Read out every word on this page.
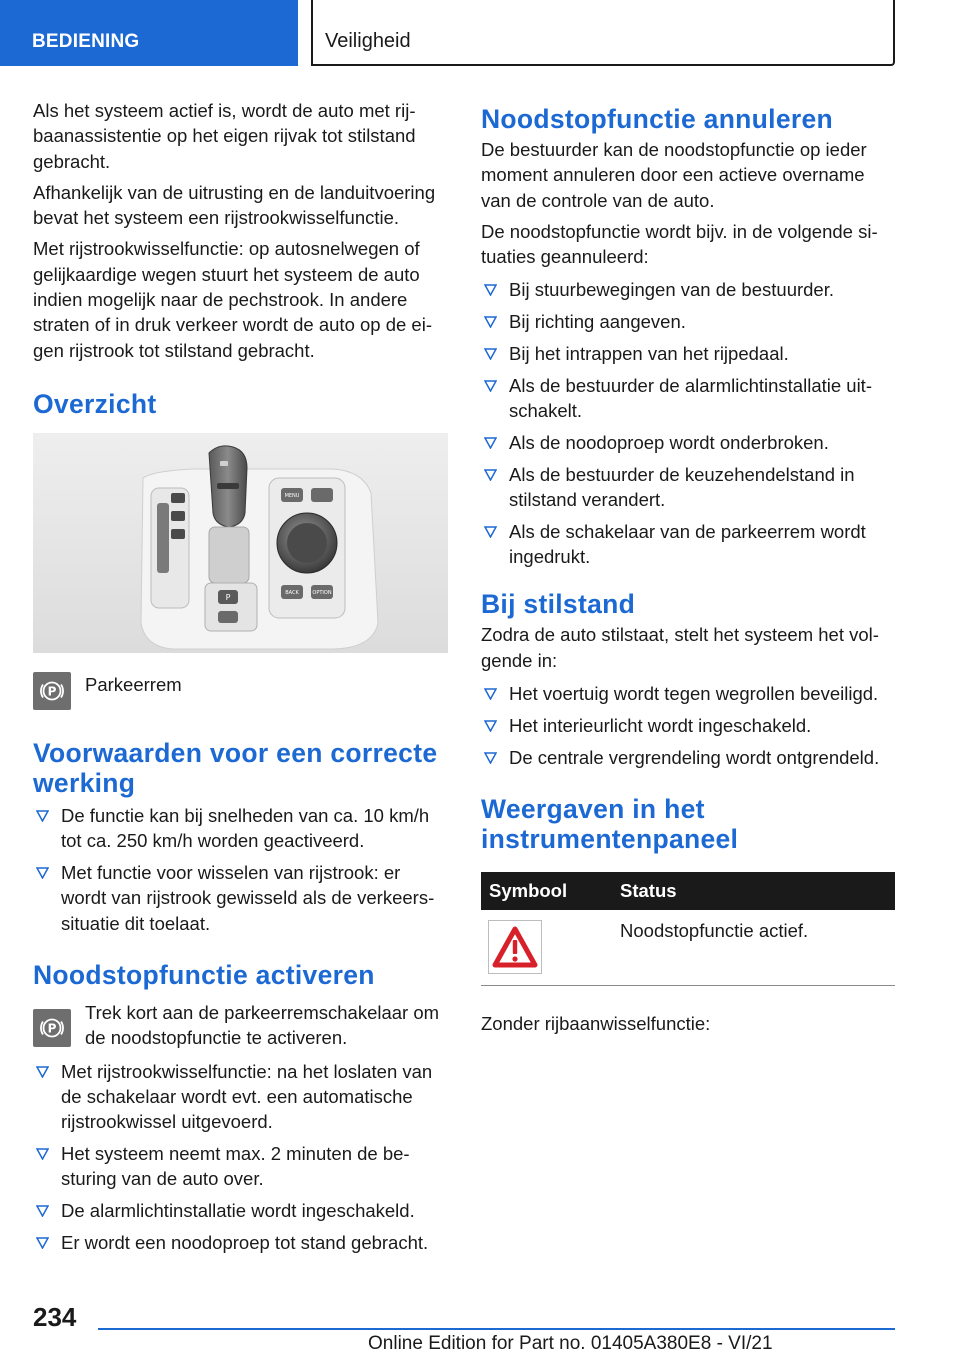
BEDIENING	Veiligheid

Als het systeem actief is, wordt de auto met rijbaanassistentie op het eigen rijvak tot stilstand gebracht.

Afhankelijk van de uitrusting en de landuitvoering bevat het systeem een rijstrookwisselfunctie.

Met rijstrookwisselfunctie: op autosnelwegen of gelijkaardige wegen stuurt het systeem de auto indien mogelijk naar de pechstrook. In andere straten of in druk verkeer wordt de auto op de eigen rijstrook tot stilstand gebracht.

Overzicht
P
MENU
BACK	OPTION
P Parkeerrem
Voorwaarden voor een correcte werking
De functie kan bij snelheden van ca. 10 km/h tot ca. 250 km/h worden geactiveerd.
Met functie voor wisselen van rijstrook: er wordt van rijstrook gewisseld als de verkeerssituatie dit toelaat.
Noodstopfunctie activeren
P
Trek kort aan de parkeerremschakelaar om de noodstopfunctie te activeren.
Met rijstrookwisselfunctie: na het loslaten van de schakelaar wordt evt. een automatische rijstrookwissel uitgevoerd.
Het systeem neemt max. 2 minuten de besturing van de auto over.
De alarmlichtinstallatie wordt ingeschakeld.
Er wordt een noodoproep tot stand gebracht.
Noodstopfunctie annuleren

De bestuurder kan de noodstopfunctie op ieder moment annuleren door een actieve overname van de controle van de auto.

De noodstopfunctie wordt bijv. in de volgende situaties geannuleerd:

Bij stuurbewegingen van de bestuurder.
Bij richting aangeven.
Bij het intrappen van het rijpedaal.
Als de bestuurder de alarmlichtinstallatie uitschakelt.
Als de noodoproep wordt onderbroken.
Als de bestuurder de keuzehendelstand in stilstand verandert.
Als de schakelaar van de parkeerrem wordt ingedrukt.
Bij stilstand

Zodra de auto stilstaat, stelt het systeem het volgende in:

Het voertuig wordt tegen wegrollen beveiligd.
Het interieurlicht wordt ingeschakeld.
De centrale vergrendeling wordt ontgrendeld.
Weergaven in het instrumentenpaneel
Symbool	Status

	Noodstopfunctie actief.

Zonder rijbaanwisselfunctie:

234
Online Edition for Part no. 01405A380E8 - VI/21
